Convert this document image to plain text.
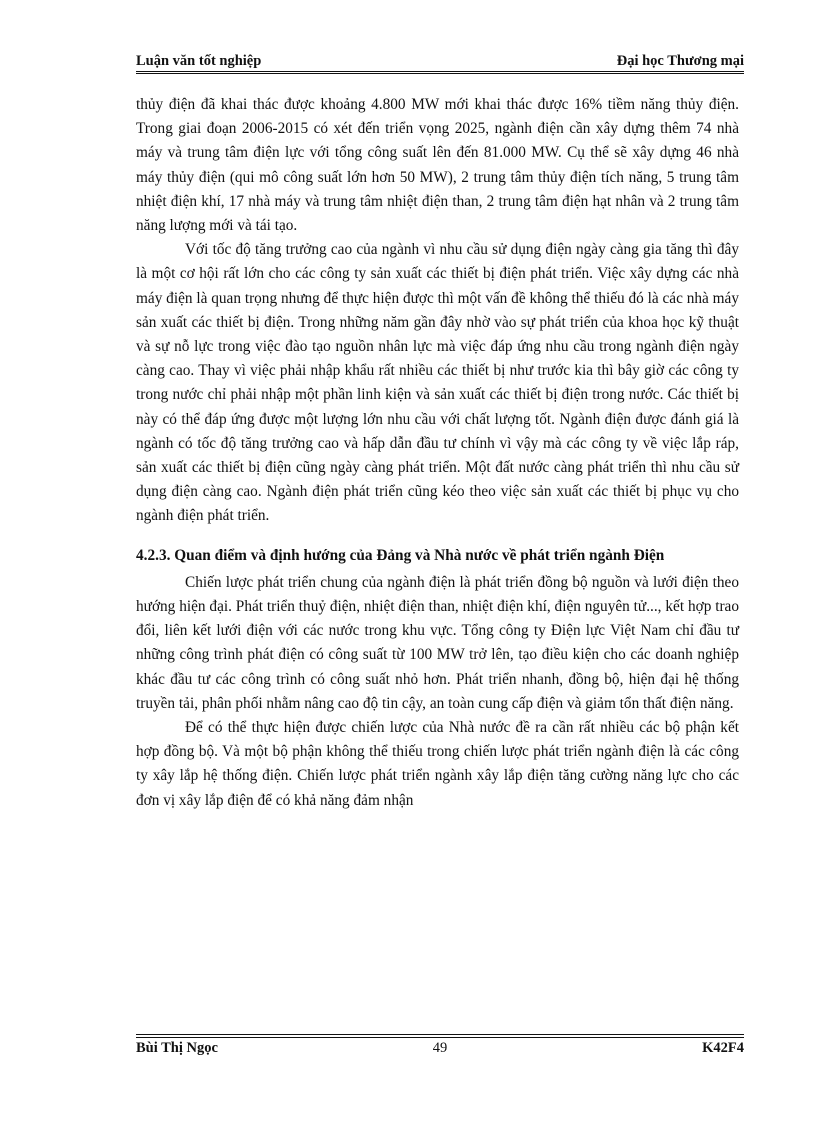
Luận văn tốt nghiệp	Đại học Thương mại

thủy điện đã khai thác được khoảng 4.800 MW mới khai thác được 16% tiềm năng thủy điện. Trong giai đoạn 2006-2015 có xét đến triển vọng 2025, ngành điện cần xây dựng thêm 74 nhà máy và trung tâm điện lực với tổng công suất lên đến 81.000 MW. Cụ thể sẽ xây dựng 46 nhà máy thủy điện (qui mô công suất lớn hơn 50 MW), 2 trung tâm thủy điện tích năng, 5 trung tâm nhiệt điện khí, 17 nhà máy và trung tâm nhiệt điện than, 2 trung tâm điện hạt nhân và 2 trung tâm năng lượng mới và tái tạo.

Với tốc độ tăng trưởng cao của ngành vì nhu cầu sử dụng điện ngày càng gia tăng thì đây là một cơ hội rất lớn cho các công ty sản xuất các thiết bị điện phát triển. Việc xây dựng các nhà máy điện là quan trọng nhưng để thực hiện được thì một vấn đề không thể thiếu đó là các nhà máy sản xuất các thiết bị điện. Trong những năm gần đây nhờ vào sự phát triển của khoa học kỹ thuật và sự nỗ lực trong việc đào tạo nguồn nhân lực mà việc đáp ứng nhu cầu trong ngành điện ngày càng cao. Thay vì việc phải nhập khẩu rất nhiều các thiết bị như trước kia thì bây giờ các công ty trong nước chỉ phải nhập một phần linh kiện và sản xuất các thiết bị điện trong nước. Các thiết bị này có thể đáp ứng được một lượng lớn nhu cầu với chất lượng tốt. Ngành điện được đánh giá là ngành có tốc độ tăng trưởng cao và hấp dẫn đầu tư chính vì vậy mà các công ty về việc lắp ráp, sản xuất các thiết bị điện cũng ngày càng phát triển. Một đất nước càng phát triển thì nhu cầu sử dụng điện càng cao. Ngành điện phát triển cũng kéo theo việc sản xuất các thiết bị phục vụ cho ngành điện phát triển.

4.2.3. Quan điểm và định hướng của Đảng và Nhà nước về phát triển ngành Điện

Chiến lược phát triển chung của ngành điện là phát triển đồng bộ nguồn và lưới điện theo hướng hiện đại. Phát triển thuỷ điện, nhiệt điện than, nhiệt điện khí, điện nguyên tử..., kết hợp trao đổi, liên kết lưới điện với các nước trong khu vực. Tổng công ty Điện lực Việt Nam chỉ đầu tư những công trình phát điện có công suất từ 100 MW trở lên, tạo điều kiện cho các doanh nghiệp khác đầu tư các công trình có công suất nhỏ hơn. Phát triển nhanh, đồng bộ, hiện đại hệ thống truyền tải, phân phối nhằm nâng cao độ tin cậy, an toàn cung cấp điện và giảm tổn thất điện năng.

Để có thể thực hiện được chiến lược của Nhà nước đề ra cần rất nhiều các bộ phận kết hợp đồng bộ. Và một bộ phận không thể thiếu trong chiến lược phát triển ngành điện là các công ty xây lắp hệ thống điện. Chiến lược phát triển ngành xây lắp điện tăng cường năng lực cho các đơn vị xây lắp điện để có khả năng đảm nhận

Bùi Thị Ngọc	49	K42F4
